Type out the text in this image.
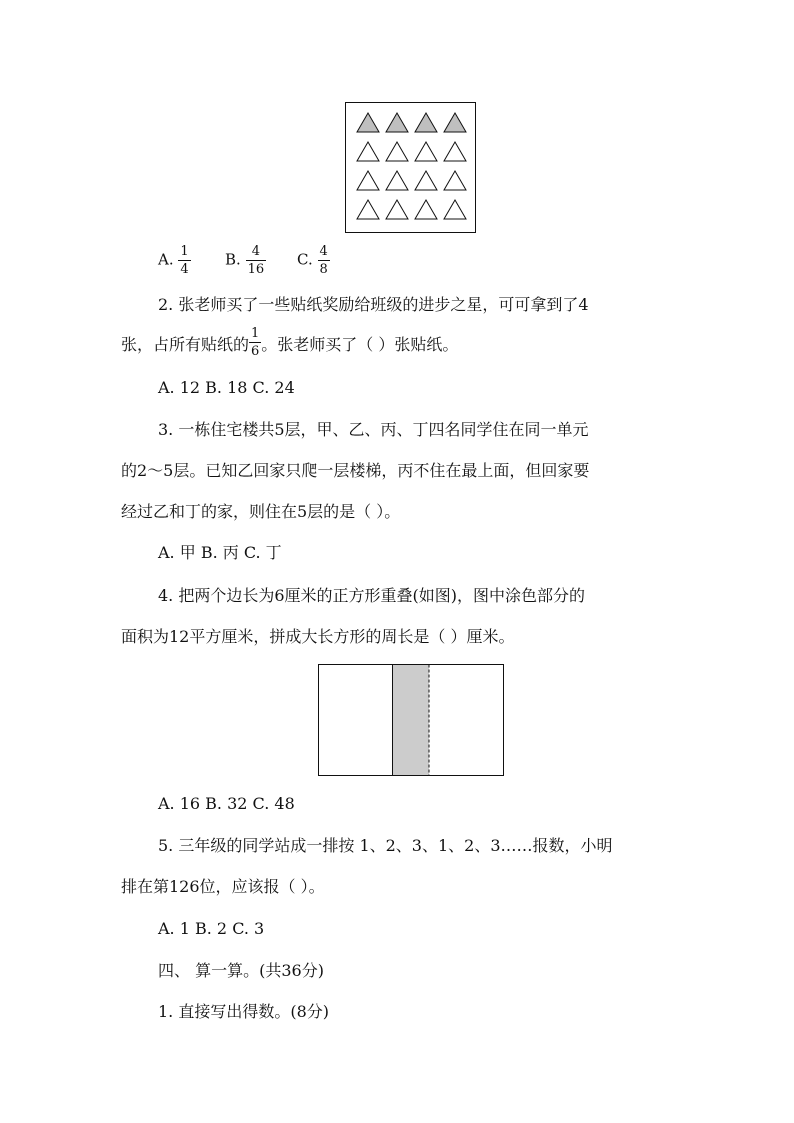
A. $\frac{1}{4} B$. $\frac{4}{16} C$. $\frac{4}{8}$
2. 张老师买了一些贴纸奖励给班级的进步之星，可可拿到了4
张，占所有贴纸的 $\frac{1}{6}$ 。张老师买了（ ）张贴纸。
A. 12 B. 18 C. 24
3. 一栋住宅楼共5层，甲、乙、丙、丁四名同学住在同一单元
的2～5层。已知乙回家只爬一层楼梯，丙不住在最上面，但回家要
经过乙和丁的家，则住在5层的是（ ）。
A. 甲 B. 丙 C. 丁
4. 把两个边长为6厘米的正方形重叠(如图)，图中涂色部分的
面积为12平方厘米，拼成大长方形的周长是（ ）厘米。
A. 16 B. 32 C. 48
5. 三年级的同学站成一排按 1、2、3、1、2、3……报数，小明
排在第126位，应该报（ ）。
A. 1 B. 2 C. 3
四、 算一算。(共36分)
1. 直接写出得数。(8分)
